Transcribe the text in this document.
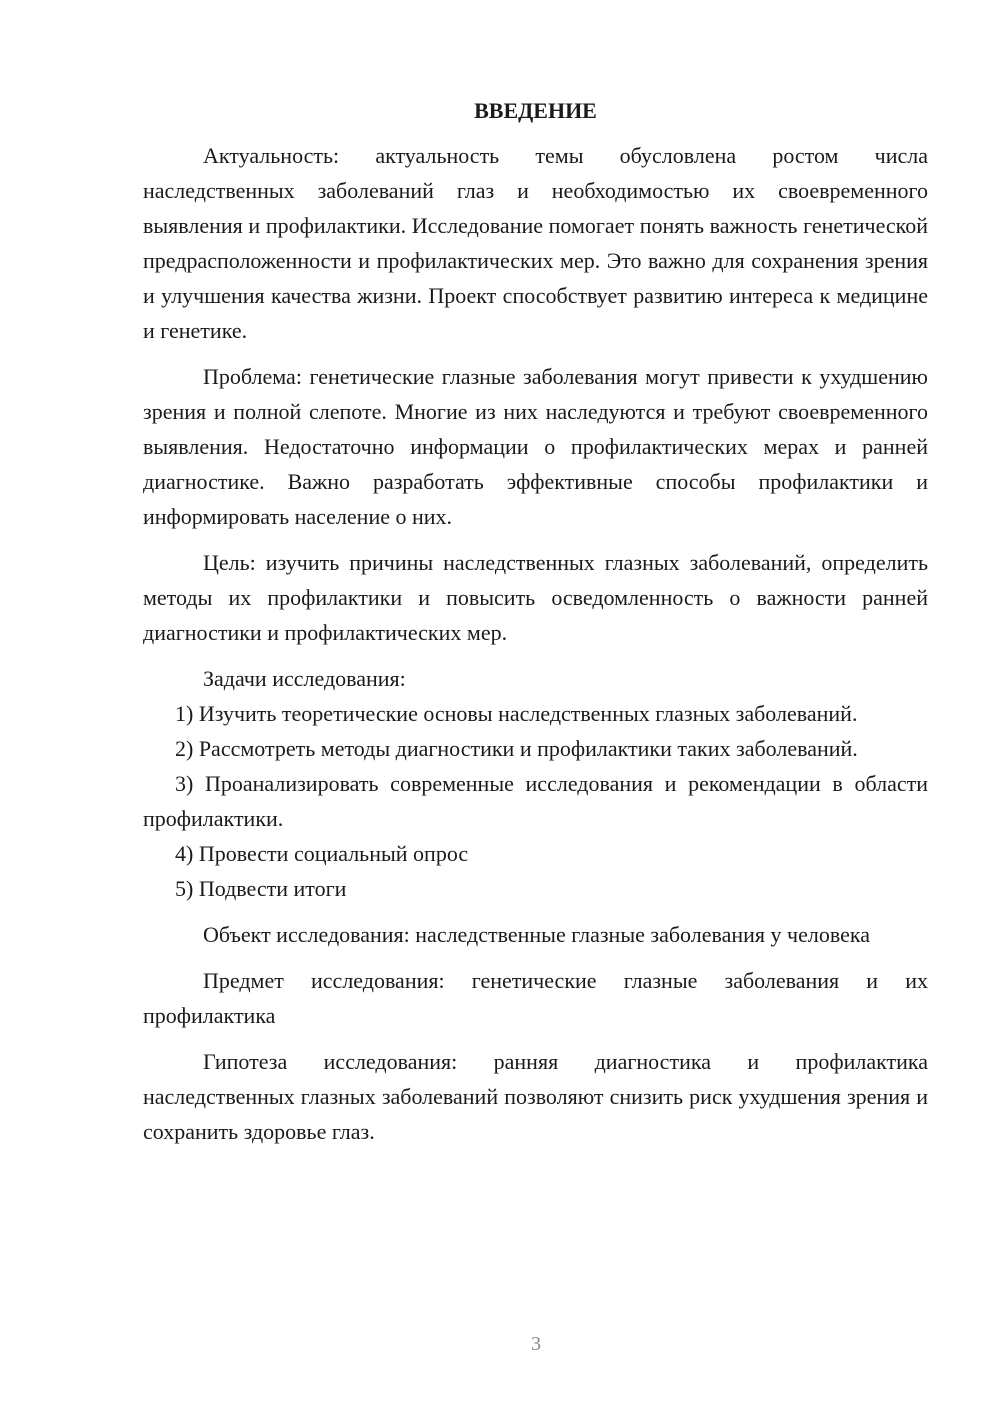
ВВЕДЕНИЕ

Актуальность: актуальность темы обусловлена ростом числа наследственных заболеваний глаз и необходимостью их своевременного выявления и профилактики. Исследование помогает понять важность генетической предрасположенности и профилактических мер. Это важно для сохранения зрения и улучшения качества жизни. Проект способствует развитию интереса к медицине и генетике.

Проблема: генетические глазные заболевания могут привести к ухудшению зрения и полной слепоте. Многие из них наследуются и требуют своевременного выявления. Недостаточно информации о профилактических мерах и ранней диагностике. Важно разработать эффективные способы профилактики и информировать население о них.

Цель: изучить причины наследственных глазных заболеваний, определить методы их профилактики и повысить осведомленность о важности ранней диагностики и профилактических мер.

Задачи исследования:

1) Изучить теоретические основы наследственных глазных заболеваний.

2) Рассмотреть методы диагностики и профилактики таких заболеваний.

3) Проанализировать современные исследования и рекомендации в области профилактики.

4) Провести социальный опрос

5) Подвести итоги

Объект исследования: наследственные глазные заболевания у человека

Предмет исследования: генетические глазные заболевания и их профилактика

Гипотеза исследования: ранняя диагностика и профилактика наследственных глазных заболеваний позволяют снизить риск ухудшения зрения и сохранить здоровье глаз.

3
